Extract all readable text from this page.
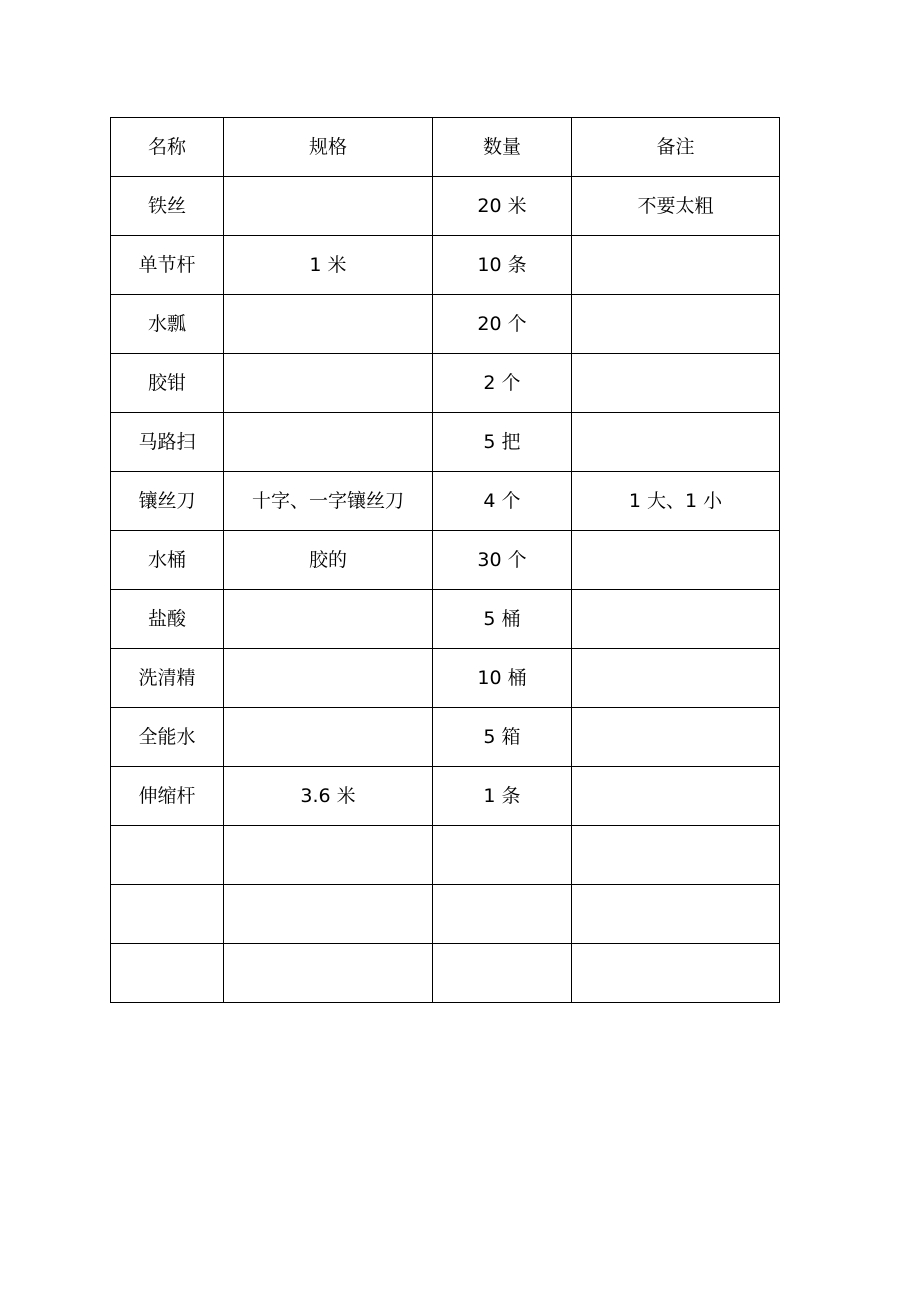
名称	规格	数量	备注
铁丝		20 米	不要太粗
单节杆	1 米	10 条	
水瓢		20 个	
胶钳		2 个	
马路扫		5 把	
镶丝刀	十字、一字镶丝刀	4 个	1 大、1 小
水桶	胶的	30 个	
盐酸		5 桶	
洗清精		10 桶	
全能水		5 箱	
伸缩杆	3.6 米	1 条	
